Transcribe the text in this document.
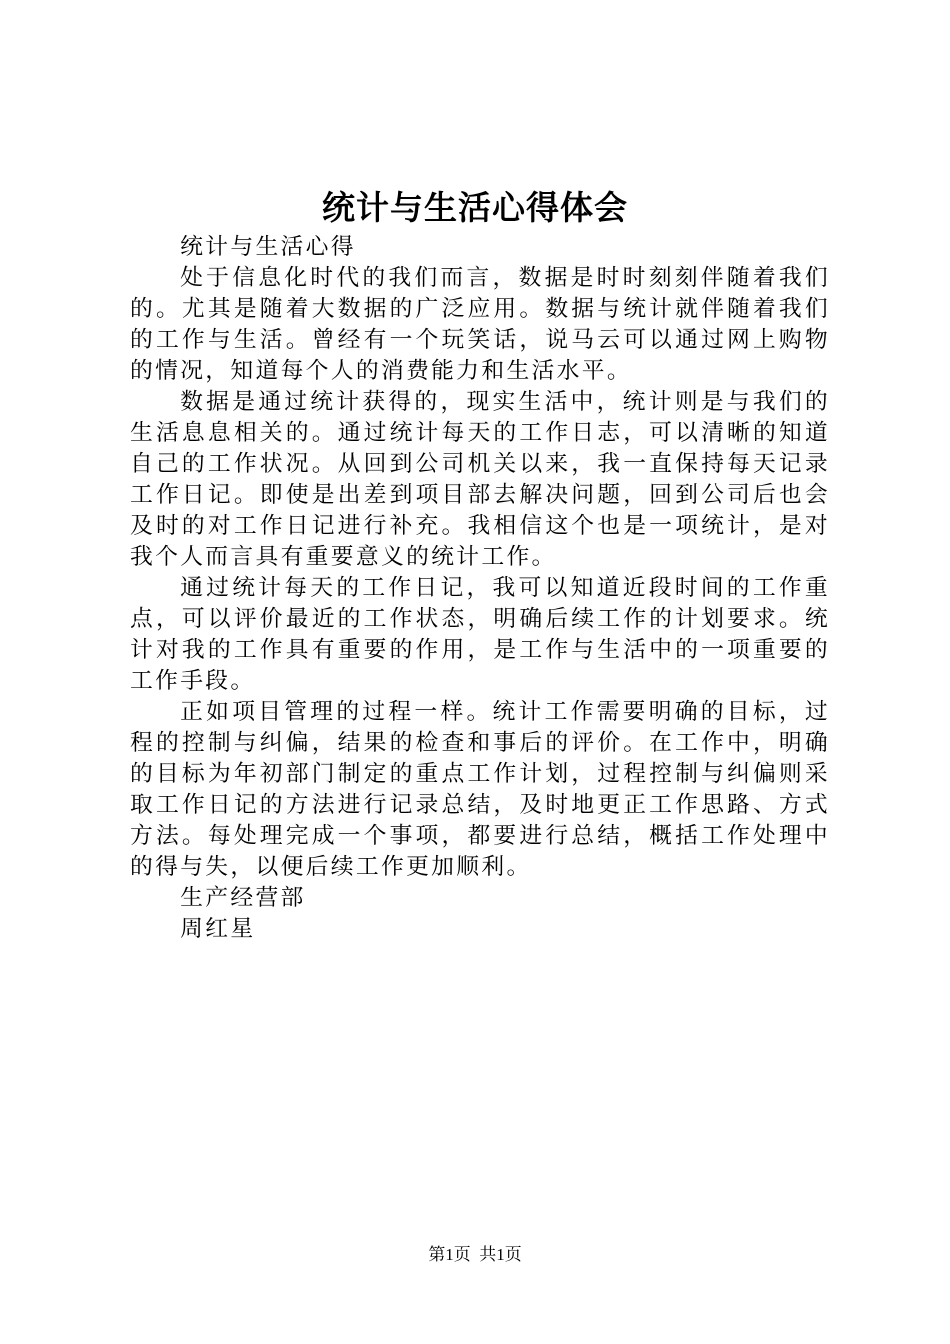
统计与生活心得体会

统计与生活心得

处于信息化时代的我们而言，数据是时时刻刻伴随着我们的。尤其是随着大数据的广泛应用。数据与统计就伴随着我们的工作与生活。曾经有一个玩笑话，说马云可以通过网上购物的情况，知道每个人的消费能力和生活水平。

数据是通过统计获得的，现实生活中，统计则是与我们的生活息息相关的。通过统计每天的工作日志，可以清晰的知道自己的工作状况。从回到公司机关以来，我一直保持每天记录工作日记。即使是出差到项目部去解决问题，回到公司后也会及时的对工作日记进行补充。我相信这个也是一项统计，是对我个人而言具有重要意义的统计工作。

通过统计每天的工作日记，我可以知道近段时间的工作重点，可以评价最近的工作状态，明确后续工作的计划要求。统计对我的工作具有重要的作用，是工作与生活中的一项重要的工作手段。

正如项目管理的过程一样。统计工作需要明确的目标，过程的控制与纠偏，结果的检查和事后的评价。在工作中，明确的目标为年初部门制定的重点工作计划，过程控制与纠偏则采取工作日记的方法进行记录总结，及时地更正工作思路、方式方法。每处理完成一个事项，都要进行总结，概括工作处理中的得与失，以便后续工作更加顺利。

生产经营部

周红星

第1页  共1页
